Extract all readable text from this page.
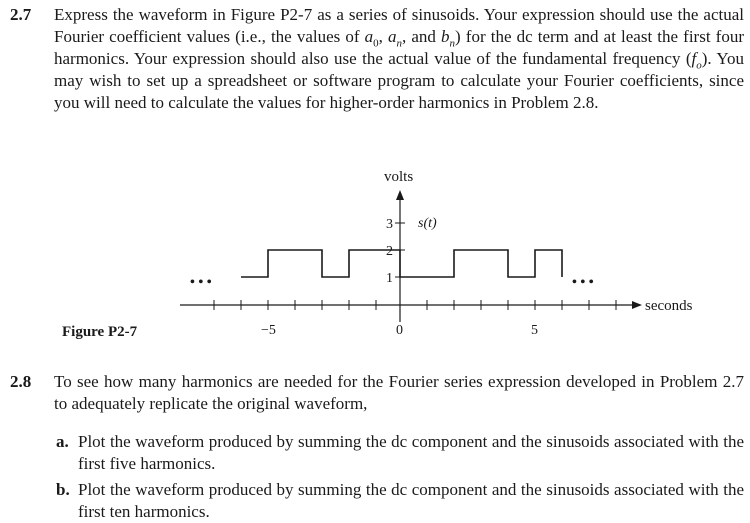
2.7 Express the waveform in Figure P2-7 as a series of sinusoids. Your expression should use the actual Fourier coefficient values (i.e., the values of $a_0$, $a_n$, and $b_n$) for the dc term and at least the first four harmonics. Your expression should also use the actual value of the fundamental frequency $(f_o)$. You may wish to set up a spreadsheet or software program to calculate your Fourier coefficients, since you will need to calculate the values for higher-order harmonics in Problem 2.8.
volts
s(t)
seconds
3
2
1
−5	0	5
• • •	• • •
Figure P2-7
2.8 To see how many harmonics are needed for the Fourier series expression developed in Problem 2.7 to adequately replicate the original waveform,
a. Plot the waveform produced by summing the dc component and the sinusoids associated with the first five harmonics.
b. Plot the waveform produced by summing the dc component and the sinusoids associated with the first ten harmonics.
